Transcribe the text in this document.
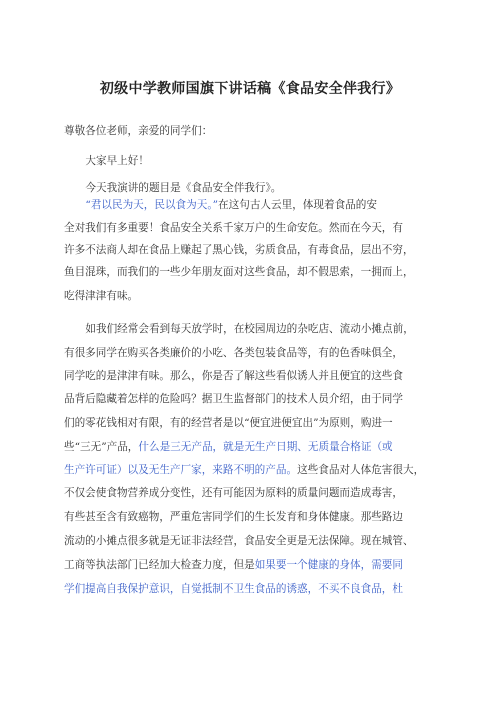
初级中学教师国旗下讲话稿《食品安全伴我行》
尊敬各位老师，亲爱的同学们：
大家早上好！
今天我演讲的题目是《食品安全伴我行》。
“君以民为天，民以食为天。”在这句古人云里，体现着食品的安
全对我们有多重要！食品安全关系千家万户的生命安危。然而在今天，有
许多不法商人却在食品上赚起了黑心钱，劣质食品，有毒食品，层出不穷，
鱼目混珠，而我们的一些少年朋友面对这些食品，却不假思索，一拥而上，
吃得津津有味。
如我们经常会看到每天放学时，在校园周边的杂吃店、流动小摊点前，
有很多同学在购买各类廉价的小吃、各类包装食品等，有的色香味俱全，
同学吃的是津津有味。那么，你是否了解这些看似诱人并且便宜的这些食
品背后隐藏着怎样的危险吗？据卫生监督部门的技术人员介绍，由于同学
们的零花钱相对有限，有的经营者是以“便宜进便宜出”为原则，购进一
些“三无”产品，什么是三无产品，就是无生产日期、无质量合格证（或
生产许可证）以及无生产厂家，来路不明的产品。这些食品对人体危害很大，
不仅会使食物营养成分变性，还有可能因为原料的质量问题而造成毒害，
有些甚至含有致癌物，严重危害同学们的生长发育和身体健康。那些路边
流动的小摊点很多就是无证非法经营，食品安全更是无法保障。现在城管、
工商等执法部门已经加大检查力度，但是如果要一个健康的身体，需要同
学们提高自我保护意识，自觉抵制不卫生食品的诱惑，不买不良食品，杜
